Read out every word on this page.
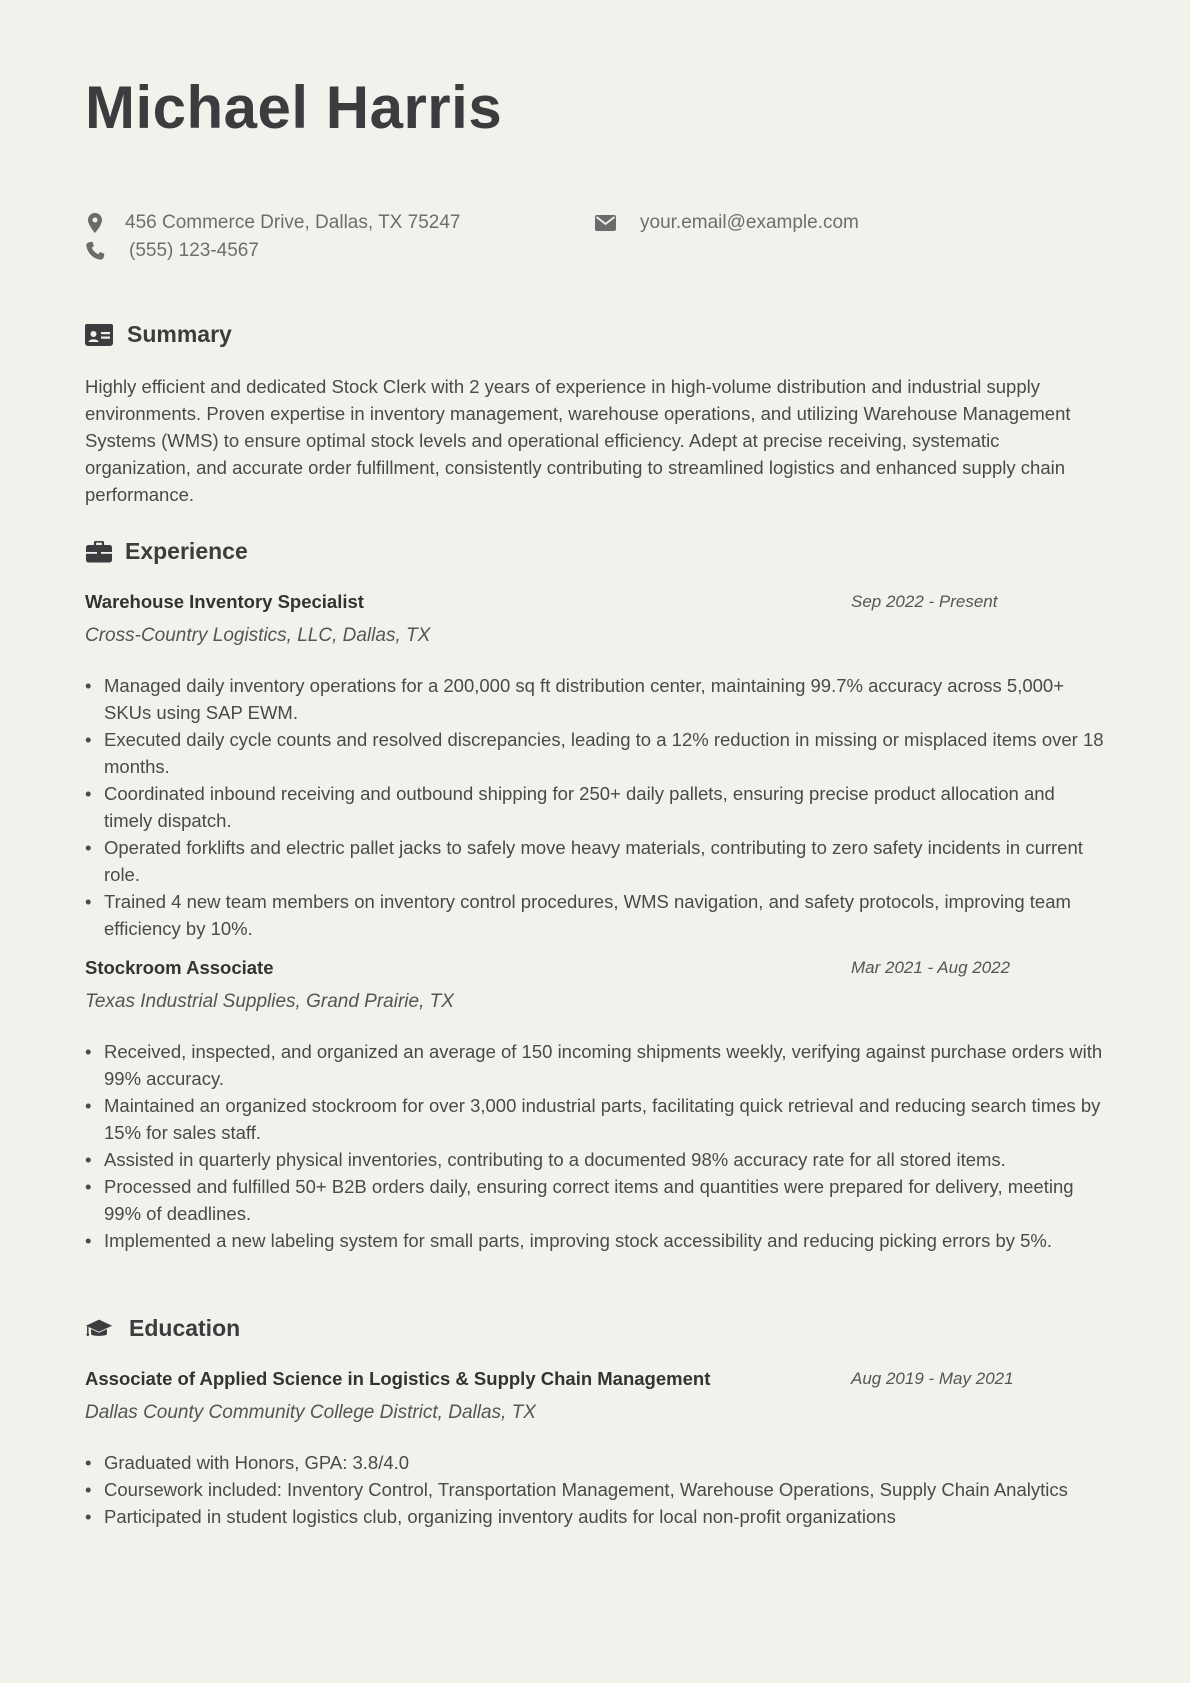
Michael Harris
456 Commerce Drive, Dallas, TX 75247	your.email@example.com
(555) 123-4567
Summary

Highly efficient and dedicated Stock Clerk with 2 years of experience in high-volume distribution and industrial supply environments. Proven expertise in inventory management, warehouse operations, and utilizing Warehouse Management Systems (WMS) to ensure optimal stock levels and operational efficiency. Adept at precise receiving, systematic organization, and accurate order fulfillment, consistently contributing to streamlined logistics and enhanced supply chain performance.

Experience
Warehouse Inventory Specialist	Sep 2022 - Present
Cross-Country Logistics, LLC, Dallas, TX
• Managed daily inventory operations for a 200,000 sq ft distribution center, maintaining 99.7% accuracy across 5,000+ SKUs using SAP EWM.
• Executed daily cycle counts and resolved discrepancies, leading to a 12% reduction in missing or misplaced items over 18 months.
• Coordinated inbound receiving and outbound shipping for 250+ daily pallets, ensuring precise product allocation and timely dispatch.
• Operated forklifts and electric pallet jacks to safely move heavy materials, contributing to zero safety incidents in current role.
• Trained 4 new team members on inventory control procedures, WMS navigation, and safety protocols, improving team efficiency by 10%.
Stockroom Associate	Mar 2021 - Aug 2022
Texas Industrial Supplies, Grand Prairie, TX
• Received, inspected, and organized an average of 150 incoming shipments weekly, verifying against purchase orders with 99% accuracy.
• Maintained an organized stockroom for over 3,000 industrial parts, facilitating quick retrieval and reducing search times by 15% for sales staff.
• Assisted in quarterly physical inventories, contributing to a documented 98% accuracy rate for all stored items.
• Processed and fulfilled 50+ B2B orders daily, ensuring correct items and quantities were prepared for delivery, meeting 99% of deadlines.
• Implemented a new labeling system for small parts, improving stock accessibility and reducing picking errors by 5%.
Education
Associate of Applied Science in Logistics & Supply Chain Management	Aug 2019 - May 2021
Dallas County Community College District, Dallas, TX
• Graduated with Honors, GPA: 3.8/4.0
• Coursework included: Inventory Control, Transportation Management, Warehouse Operations, Supply Chain Analytics
• Participated in student logistics club, organizing inventory audits for local non-profit organizations
